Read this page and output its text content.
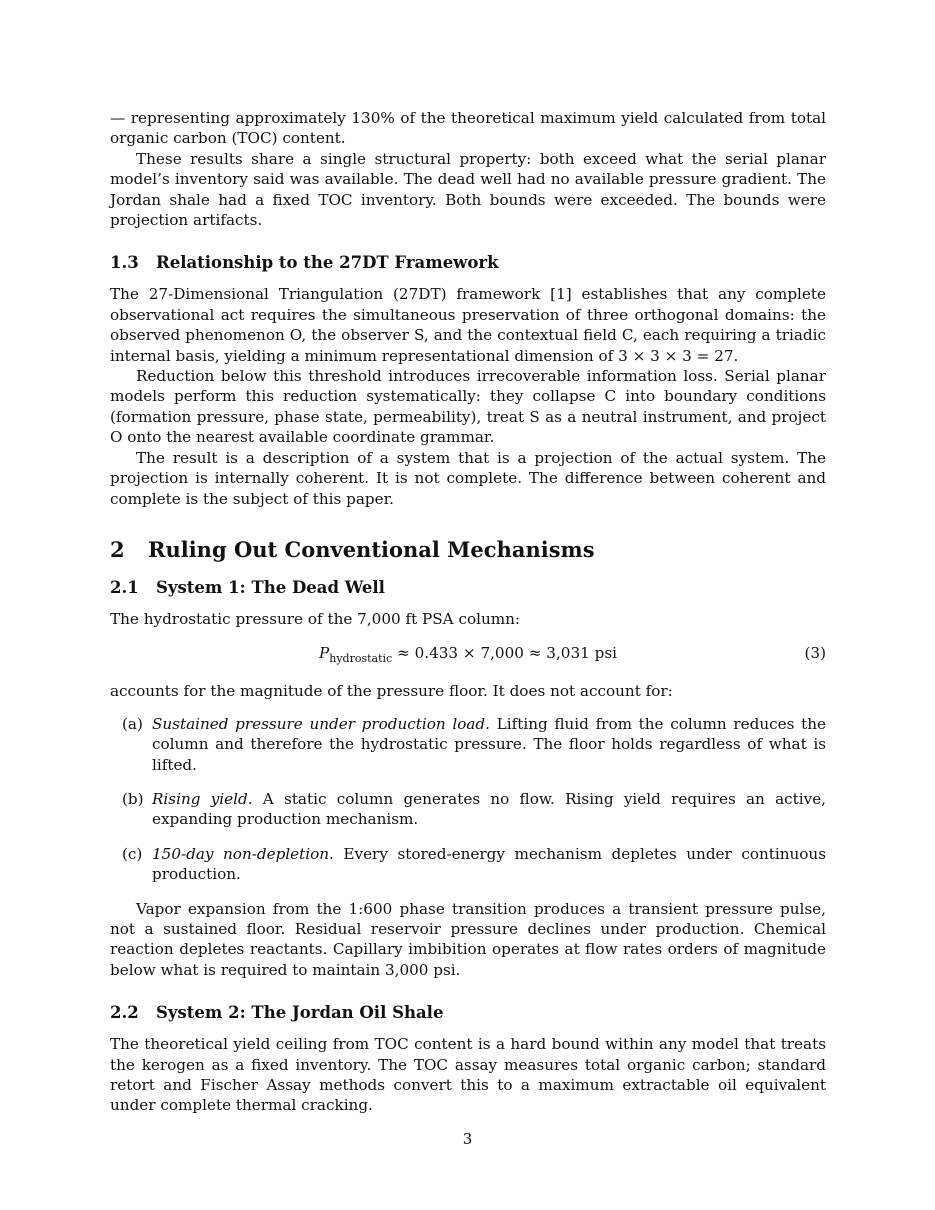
— representing approximately 130% of the theoretical maximum yield calculated from total organic carbon (TOC) content.

These results share a single structural property: both exceed what the serial planar model’s inventory said was available. The dead well had no available pressure gradient. The Jordan shale had a fixed TOC inventory. Both bounds were exceeded. The bounds were projection artifacts.

1.3 Relationship to the 27DT Framework

The 27-Dimensional Triangulation (27DT) framework [1] establishes that any complete observational act requires the simultaneous preservation of three orthogonal domains: the observed phenomenon O, the observer S, and the contextual field C, each requiring a triadic internal basis, yielding a minimum representational dimension of 3 × 3 × 3 = 27.

Reduction below this threshold introduces irrecoverable information loss. Serial planar models perform this reduction systematically: they collapse C into boundary conditions (formation pressure, phase state, permeability), treat S as a neutral instrument, and project O onto the nearest available coordinate grammar.

The result is a description of a system that is a projection of the actual system. The projection is internally coherent. It is not complete. The difference between coherent and complete is the subject of this paper.

2 Ruling Out Conventional Mechanisms
2.1 System 1: The Dead Well

The hydrostatic pressure of the 7,000 ft PSA column:

$P_{hydrostatic} \approx 0.433 \times 7,000 \approx 3,031$ psi	(3)

accounts for the magnitude of the pressure floor. It does not account for:

(a) Sustained pressure under production load. Lifting fluid from the column reduces the column and therefore the hydrostatic pressure. The floor holds regardless of what is lifted.
(b) Rising yield. A static column generates no flow. Rising yield requires an active, expanding production mechanism.
(c) 150-day non-depletion. Every stored-energy mechanism depletes under continuous production.

Vapor expansion from the 1:600 phase transition produces a transient pressure pulse, not a sustained floor. Residual reservoir pressure declines under production. Chemical reaction depletes reactants. Capillary imbibition operates at flow rates orders of magnitude below what is required to maintain 3,000 psi.

2.2 System 2: The Jordan Oil Shale

The theoretical yield ceiling from TOC content is a hard bound within any model that treats the kerogen as a fixed inventory. The TOC assay measures total organic carbon; standard retort and Fischer Assay methods convert this to a maximum extractable oil equivalent under complete thermal cracking.

3
